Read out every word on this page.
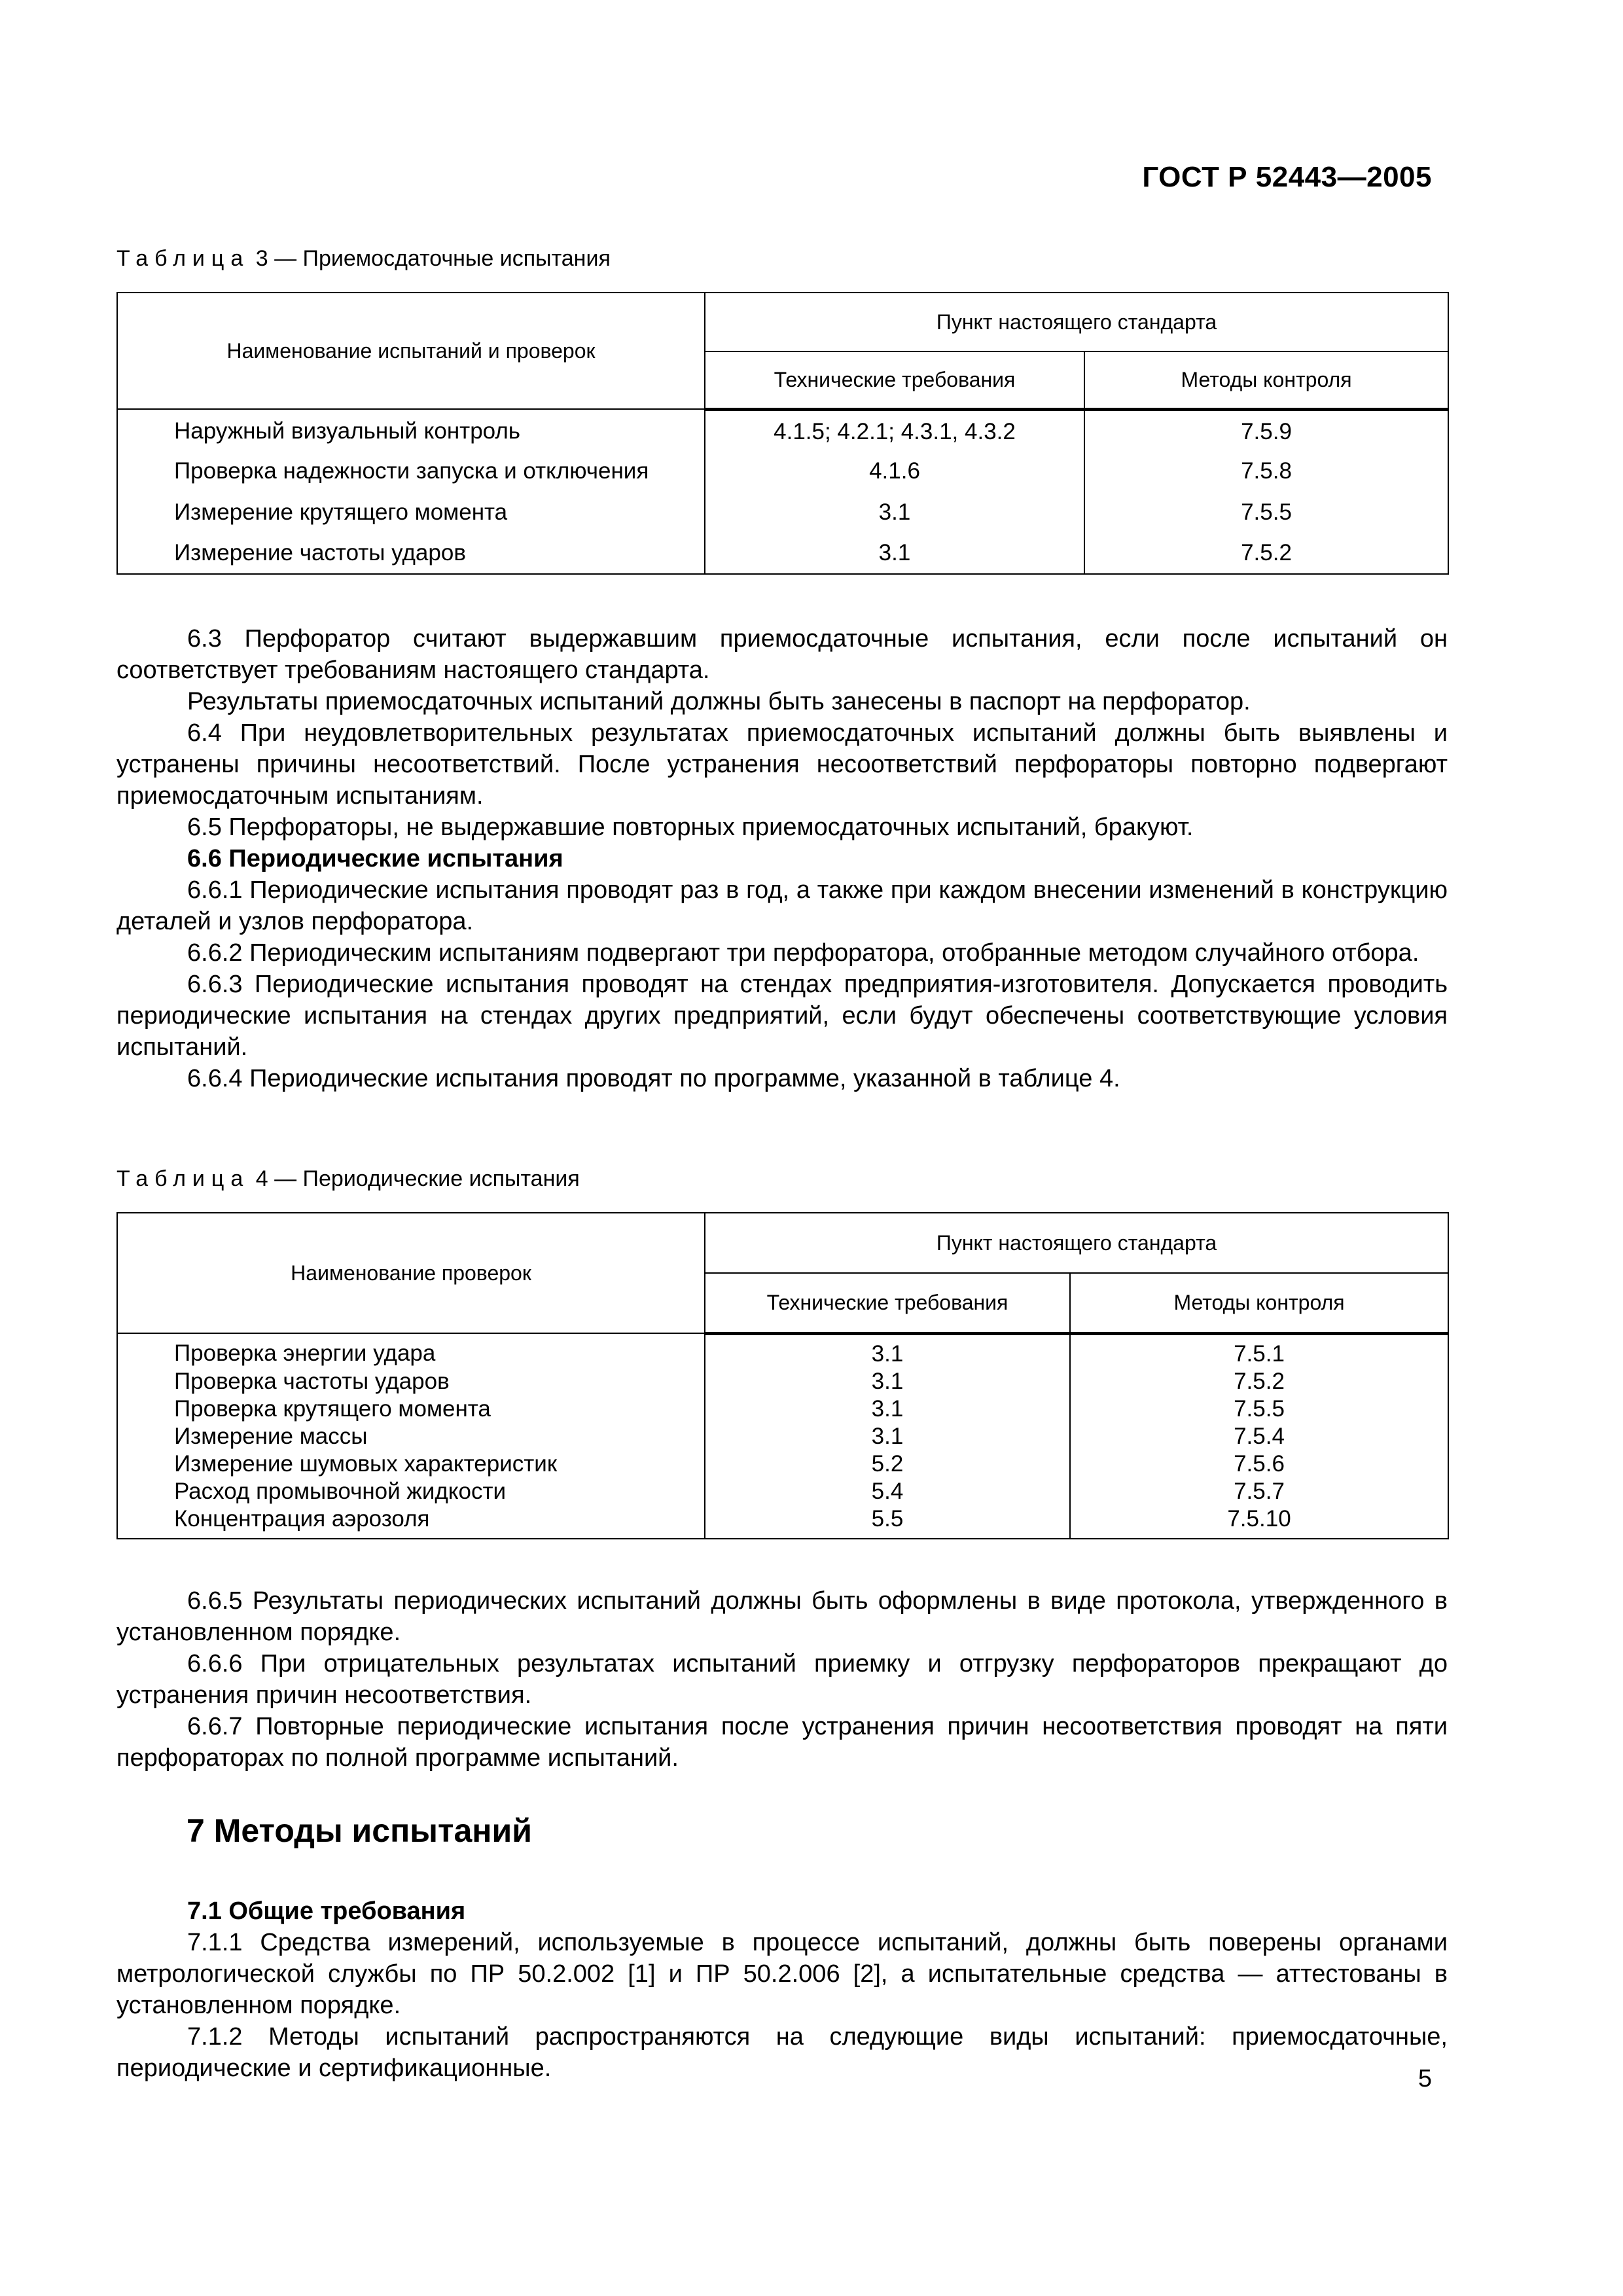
ГОСТ Р 52443—2005
Таблица 3 — Приемосдаточные испытания
Наименование испытаний и проверок	Пункт настоящего стандарта	
	Технические требования	Методы контроля
Наружный визуальный контроль	4.1.5; 4.2.1; 4.3.1, 4.3.2	7.5.9
Проверка надежности запуска и отключения	4.1.6	7.5.8
Измерение крутящего момента	3.1	7.5.5
Измерение частоты ударов	3.1	7.5.2

6.3 Перфоратор считают выдержавшим приемосдаточные испытания, если после испытаний он соответствует требованиям настоящего стандарта.

Результаты приемосдаточных испытаний должны быть занесены в паспорт на перфоратор.

6.4 При неудовлетворительных результатах приемосдаточных испытаний должны быть выявлены и устранены причины несоответствий. После устранения несоответствий перфораторы повторно подвергают приемосдаточным испытаниям.

6.5 Перфораторы, не выдержавшие повторных приемосдаточных испытаний, бракуют.

6.6 Периодические испытания

6.6.1 Периодические испытания проводят раз в год, а также при каждом внесении изменений в конструкцию деталей и узлов перфоратора.

6.6.2 Периодическим испытаниям подвергают три перфоратора, отобранные методом случайного отбора.

6.6.3 Периодические испытания проводят на стендах предприятия-изготовителя. Допускается проводить периодические испытания на стендах других предприятий, если будут обеспечены соответствующие условия испытаний.

6.6.4 Периодические испытания проводят по программе, указанной в таблице 4.

Таблица 4 — Периодические испытания
Наименование проверок	Пункт настоящего стандарта	
	Технические требования	Методы контроля
Проверка энергии удара	3.1	7.5.1
Проверка частоты ударов	3.1	7.5.2
Проверка крутящего момента	3.1	7.5.5
Измерение массы	3.1	7.5.4
Измерение шумовых характеристик	5.2	7.5.6
Расход промывочной жидкости	5.4	7.5.7
Концентрация аэрозоля	5.5	7.5.10

6.6.5 Результаты периодических испытаний должны быть оформлены в виде протокола, утвержденного в установленном порядке.

6.6.6 При отрицательных результатах испытаний приемку и отгрузку перфораторов прекращают до устранения причин несоответствия.

6.6.7 Повторные периодические испытания после устранения причин несоответствия проводят на пяти перфораторах по полной программе испытаний.

7 Методы испытаний

7.1 Общие требования

7.1.1 Средства измерений, используемые в процессе испытаний, должны быть поверены органами метрологической службы по ПР 50.2.002 [1] и ПР 50.2.006 [2], а испытательные средства — аттестованы в установленном порядке.

7.1.2 Методы испытаний распространяются на следующие виды испытаний: приемосдаточные, периодические и сертификационные.	5
